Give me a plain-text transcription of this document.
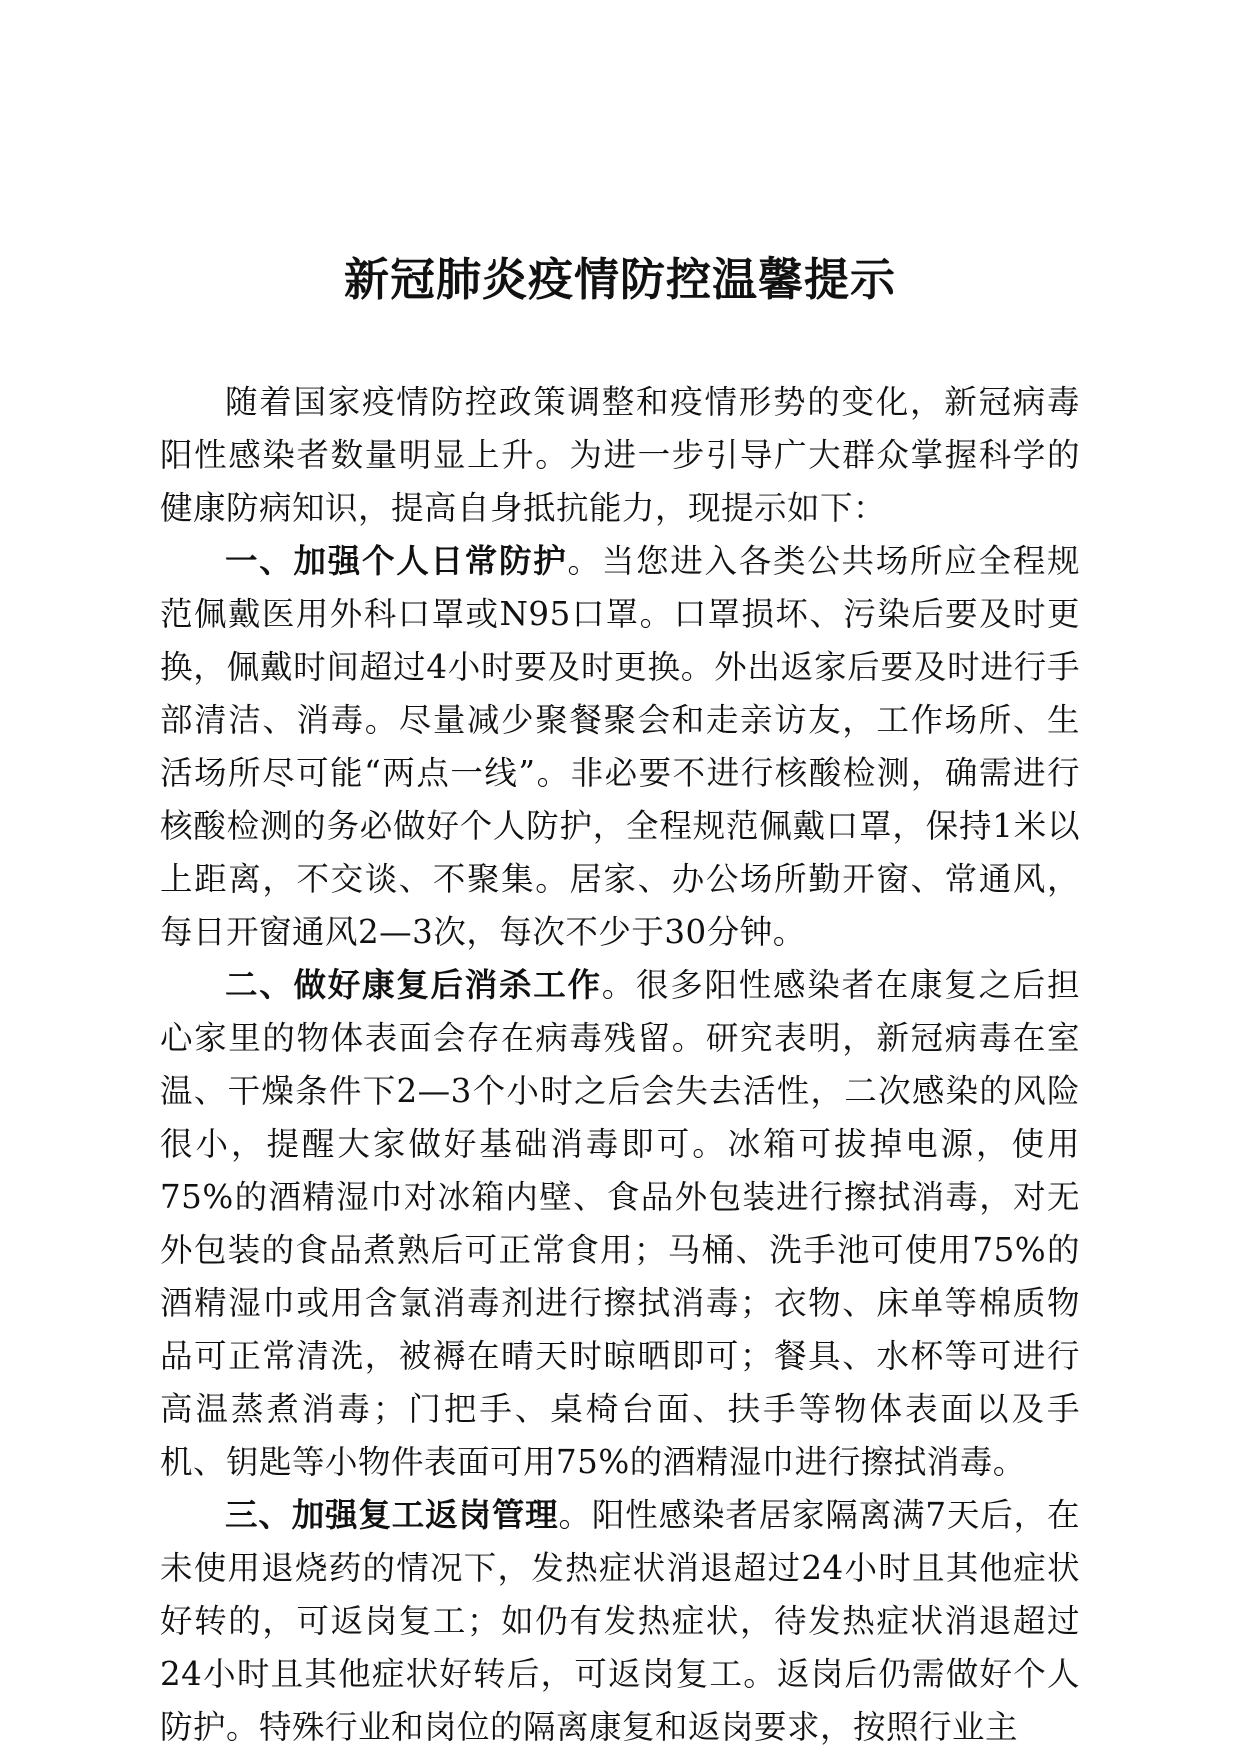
新冠肺炎疫情防控温馨提示

随着国家疫情防控政策调整和疫情形势的变化，新冠病毒阳性感染者数量明显上升。为进一步引导广大群众掌握科学的健康防病知识，提高自身抵抗能力，现提示如下：

一、加强个人日常防护。当您进入各类公共场所应全程规范佩戴医用外科口罩或N95口罩。口罩损坏、污染后要及时更换，佩戴时间超过4小时要及时更换。外出返家后要及时进行手部清洁、消毒。尽量减少聚餐聚会和走亲访友，工作场所、生活场所尽可能“两点一线”。非必要不进行核酸检测，确需进行核酸检测的务必做好个人防护，全程规范佩戴口罩，保持1米以上距离，不交谈、不聚集。居家、办公场所勤开窗、常通风，每日开窗通风2—3次，每次不少于30分钟。

二、做好康复后消杀工作。很多阳性感染者在康复之后担心家里的物体表面会存在病毒残留。研究表明，新冠病毒在室温、干燥条件下2—3个小时之后会失去活性，二次感染的风险很小，提醒大家做好基础消毒即可。冰箱可拔掉电源，使用75%的酒精湿巾对冰箱内壁、食品外包装进行擦拭消毒，对无外包装的食品煮熟后可正常食用；马桶、洗手池可使用75%的酒精湿巾或用含氯消毒剂进行擦拭消毒；衣物、床单等棉质物品可正常清洗，被褥在晴天时晾晒即可；餐具、水杯等可进行高温蒸煮消毒；门把手、桌椅台面、扶手等物体表面以及手机、钥匙等小物件表面可用75%的酒精湿巾进行擦拭消毒。

三、加强复工返岗管理。阳性感染者居家隔离满7天后，在未使用退烧药的情况下，发热症状消退超过24小时且其他症状好转的，可返岗复工；如仍有发热症状，待发热症状消退超过24小时且其他症状好转后，可返岗复工。返岗后仍需做好个人防护。特殊行业和岗位的隔离康复和返岗要求，按照行业主
